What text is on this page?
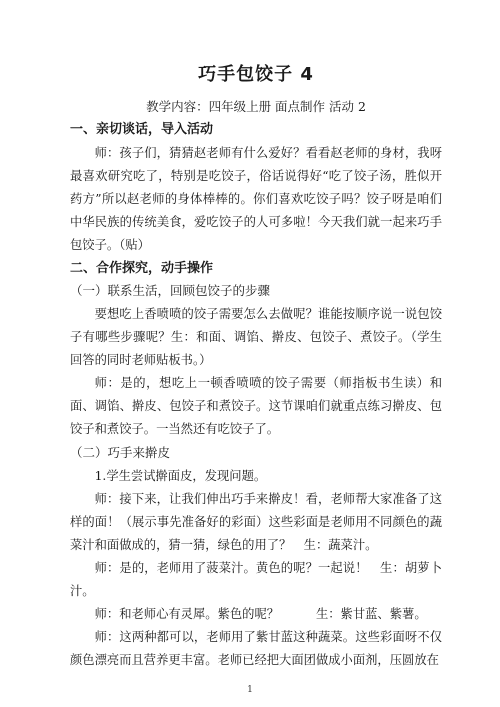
巧手包饺子 4
教学内容：四年级上册 面点制作 活动 2
一、亲切谈话，导入活动

师：孩子们，猜猜赵老师有什么爱好？看看赵老师的身材，我呀最喜欢研究吃了，特别是吃饺子，俗话说得好“吃了饺子汤，胜似开药方”所以赵老师的身体棒棒的。你们喜欢吃饺子吗？饺子呀是咱们中华民族的传统美食，爱吃饺子的人可多啦！今天我们就一起来巧手包饺子。（贴）

二、合作探究，动手操作
（一）联系生活，回顾包饺子的步骤

要想吃上香喷喷的饺子需要怎么去做呢？谁能按顺序说一说包饺子有哪些步骤呢？生：和面、调馅、擀皮、包饺子、煮饺子。（学生回答的同时老师贴板书。）

师：是的，想吃上一顿香喷喷的饺子需要（师指板书生读）和面、调馅、擀皮、包饺子和煮饺子。这节课咱们就重点练习擀皮、包饺子和煮饺子。一当然还有吃饺子了。

（二）巧手来擀皮

1.学生尝试擀面皮，发现问题。

师：接下来，让我们伸出巧手来擀皮！看，老师帮大家准备了这样的面！（展示事先准备好的彩面）这些彩面是老师用不同颜色的蔬菜汁和面做成的，猜一猜，绿色的用了？　生：蔬菜汁。

师：是的，老师用了菠菜汁。黄色的呢？一起说！　生：胡萝卜汁。

师：和老师心有灵犀。紫色的呢？　　　生：紫甘蓝、紫薯。

师：这两种都可以，老师用了紫甘蓝这种蔬菜。这些彩面呀不仅颜色漂亮而且营养更丰富。老师已经把大面团做成小面剂，压圆放在

1
